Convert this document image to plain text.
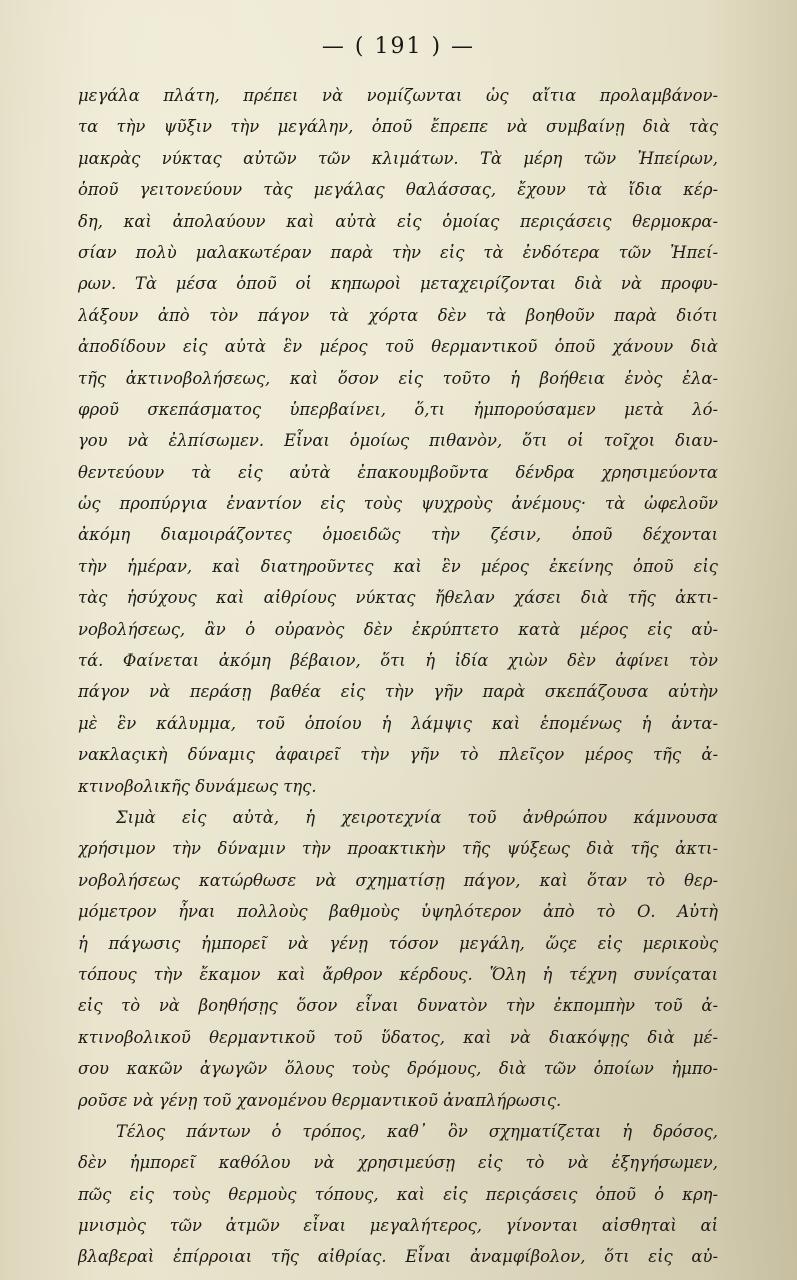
— ( 191 ) —
μεγάλα πλάτη, πρέπει νὰ νομίζωνται ὡς αἴτια προλαμβάνον-
τα τὴν ψῦξιν τὴν μεγάλην, ὁποῦ ἔπρεπε νὰ συμβαίνῃ διὰ τὰς
μακρὰς νύκτας αὐτῶν τῶν κλιμάτων. Τὰ μέρη τῶν Ἠπείρων,
ὁποῦ γειτονεύουν τὰς μεγάλας θαλάσσας, ἔχουν τὰ ἴδια κέρ-
δη, καὶ ἀπολαύουν καὶ αὐτὰ εἰς ὁμοίας περιςάσεις θερμοκρα-
σίαν πολὺ μαλακωτέραν παρὰ τὴν εἰς τὰ ἐνδότερα τῶν Ἠπεί-
ρων. Τὰ μέσα ὁποῦ οἱ κηπωροὶ μεταχειρίζονται διὰ νὰ προφυ-
λάξουν ἀπὸ τὸν πάγον τὰ χόρτα δὲν τὰ βοηθοῦν παρὰ διότι
ἀποδίδουν εἰς αὐτὰ ἓν μέρος τοῦ θερμαντικοῦ ὁποῦ χάνουν διὰ
τῆς ἀκτινοβολήσεως, καὶ ὅσον εἰς τοῦτο ἡ βοήθεια ἑνὸς ἐλα-
φροῦ σκεπάσματος ὑπερβαίνει, ὅ,τι ἠμπορούσαμεν μετὰ λό-
γου νὰ ἐλπίσωμεν. Εἶναι ὁμοίως πιθανὸν, ὅτι οἱ τοῖχοι διαυ-
θεντεύουν τὰ εἰς αὐτὰ ἐπακουμβοῦντα δένδρα χρησιμεύοντα
ὡς προπύργια ἐναντίον εἰς τοὺς ψυχροὺς ἀνέμους· τὰ ὠφελοῦν
ἀκόμη διαμοιράζοντες ὁμοειδῶς τὴν ζέσιν, ὁποῦ δέχονται
τὴν ἡμέραν, καὶ διατηροῦντες καὶ ἓν μέρος ἐκείνης ὁποῦ εἰς
τὰς ἡσύχους καὶ αἰθρίους νύκτας ἤθελαν χάσει διὰ τῆς ἀκτι-
νοβολήσεως, ἂν ὁ οὐρανὸς δὲν ἐκρύπτετο κατὰ μέρος εἰς αὐ-
τά. Φαίνεται ἀκόμη βέβαιον, ὅτι ἡ ἰδία χιὼν δὲν ἀφίνει τὸν
πάγον νὰ περάσῃ βαθέα εἰς τὴν γῆν παρὰ σκεπάζουσα αὐτὴν
μὲ ἓν κάλυμμα, τοῦ ὁποίου ἡ λάμψις καὶ ἑπομένως ἡ ἀντα-
νακλαςικὴ δύναμις ἀφαιρεῖ τὴν γῆν τὸ πλεῖςον μέρος τῆς ἀ-
κτινοβολικῆς δυνάμεως της.
Σιμὰ εἰς αὐτὰ, ἡ χειροτεχνία τοῦ ἀνθρώπου κάμνουσα
χρήσιμον τὴν δύναμιν τὴν προακτικὴν τῆς ψύξεως διὰ τῆς ἀκτι-
νοβολήσεως κατώρθωσε νὰ σχηματίσῃ πάγον, καὶ ὅταν τὸ θερ-
μόμετρον ἦναι πολλοὺς βαθμοὺς ὑψηλότερον ἀπὸ τὸ Ο. Αὐτὴ
ἡ πάγωσις ἠμπορεῖ νὰ γένῃ τόσον μεγάλη, ὥςε εἰς μερικοὺς
τόπους τὴν ἔκαμον καὶ ἄρθρον κέρδους. Ὅλη ἡ τέχνη συνίςαται
εἰς τὸ νὰ βοηθήσῃς ὅσον εἶναι δυνατὸν τὴν ἐκπομπὴν τοῦ ἀ-
κτινοβολικοῦ θερμαντικοῦ τοῦ ὕδατος, καὶ νὰ διακόψῃς διὰ μέ-
σου κακῶν ἀγωγῶν ὅλους τοὺς δρόμους, διὰ τῶν ὁποίων ἠμπο-
ροῦσε νὰ γένῃ τοῦ χανομένου θερμαντικοῦ ἀναπλήρωσις.
Τέλος πάντων ὁ τρόπος, καθ᾽ ὃν σχηματίζεται ἡ δρόσος,
δὲν ἠμπορεῖ καθόλου νὰ χρησιμεύσῃ εἰς τὸ νὰ ἐξηγήσωμεν,
πῶς εἰς τοὺς θερμοὺς τόπους, καὶ εἰς περιςάσεις ὁποῦ ὁ κρη-
μνισμὸς τῶν ἀτμῶν εἶναι μεγαλήτερος, γίνονται αἰσθηταὶ αἱ
βλαβεραὶ ἐπίρροιαι τῆς αἰθρίας. Εἶναι ἀναμφίβολον, ὅτι εἰς αὐ-
